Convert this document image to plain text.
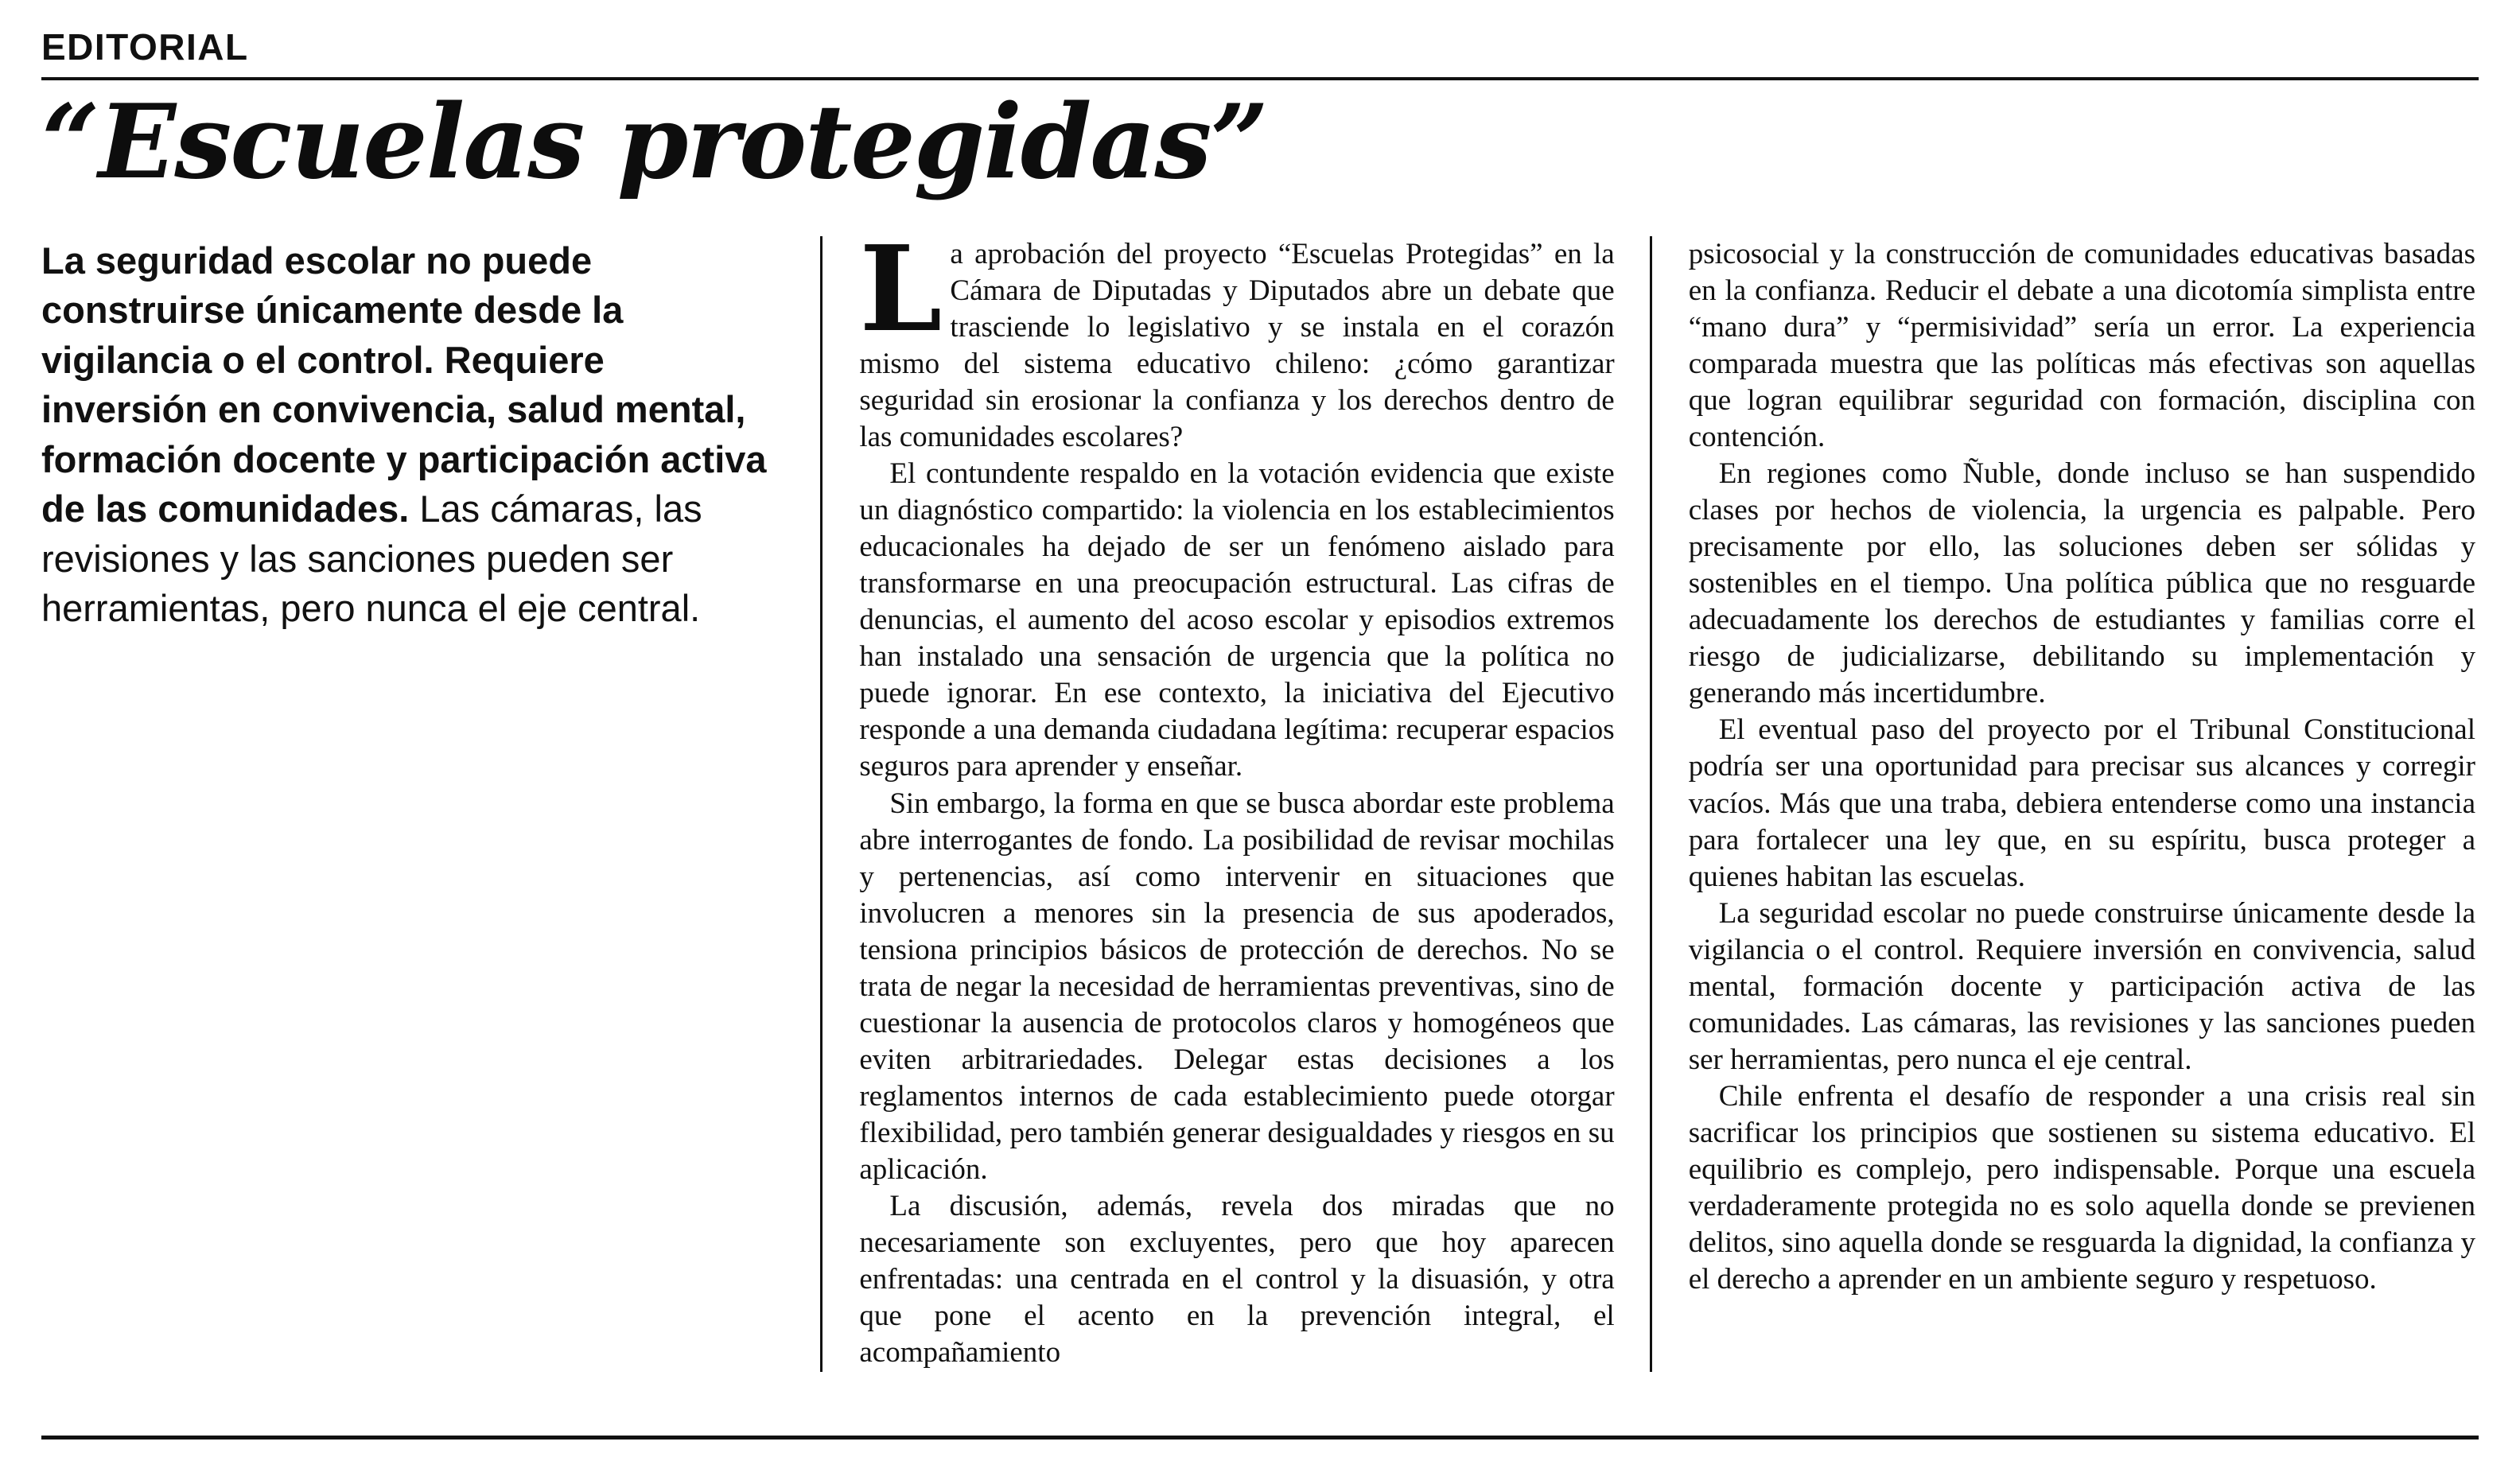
EDITORIAL
“Escuelas protegidas”

La seguridad escolar no puede construirse únicamente desde la vigilancia o el control. Requiere inversión en convivencia, salud mental, formación docente y participación activa de las comunidades. Las cámaras, las revisiones y las sanciones pueden ser herramientas, pero nunca el eje central.

La aprobación del proyecto “Escuelas Protegidas” en la Cámara de Diputadas y Diputados abre un debate que trasciende lo legislativo y se instala en el corazón mismo del sistema educativo chileno: ¿cómo garantizar seguridad sin erosionar la confianza y los derechos dentro de las comunidades escolares?

El contundente respaldo en la votación evidencia que existe un diagnóstico compartido: la violencia en los establecimientos educacionales ha dejado de ser un fenómeno aislado para transformarse en una preocupación estructural. Las cifras de denuncias, el aumento del acoso escolar y episodios extremos han instalado una sensación de urgencia que la política no puede ignorar. En ese contexto, la iniciativa del Ejecutivo responde a una demanda ciudadana legítima: recuperar espacios seguros para aprender y enseñar.

Sin embargo, la forma en que se busca abordar este problema abre interrogantes de fondo. La posibilidad de revisar mochilas y pertenencias, así como intervenir en situaciones que involucren a menores sin la presencia de sus apoderados, tensiona principios básicos de protección de derechos. No se trata de negar la necesidad de herramientas preventivas, sino de cuestionar la ausencia de protocolos claros y homogéneos que eviten arbitrariedades. Delegar estas decisiones a los reglamentos internos de cada establecimiento puede otorgar flexibilidad, pero también generar desigualdades y riesgos en su aplicación.

La discusión, además, revela dos miradas que no necesariamente son excluyentes, pero que hoy aparecen enfrentadas: una centrada en el control y la disuasión, y otra que pone el acento en la prevención integral, el acompañamiento

psicosocial y la construcción de comunidades educativas basadas en la confianza. Reducir el debate a una dicotomía simplista entre “mano dura” y “permisividad” sería un error. La experiencia comparada muestra que las políticas más efectivas son aquellas que logran equilibrar seguridad con formación, disciplina con contención.

En regiones como Ñuble, donde incluso se han suspendido clases por hechos de violencia, la urgencia es palpable. Pero precisamente por ello, las soluciones deben ser sólidas y sostenibles en el tiempo. Una política pública que no resguarde adecuadamente los derechos de estudiantes y familias corre el riesgo de judicializarse, debilitando su implementación y generando más incertidumbre.

El eventual paso del proyecto por el Tribunal Constitucional podría ser una oportunidad para precisar sus alcances y corregir vacíos. Más que una traba, debiera entenderse como una instancia para fortalecer una ley que, en su espíritu, busca proteger a quienes habitan las escuelas.

La seguridad escolar no puede construirse únicamente desde la vigilancia o el control. Requiere inversión en convivencia, salud mental, formación docente y participación activa de las comunidades. Las cámaras, las revisiones y las sanciones pueden ser herramientas, pero nunca el eje central.

Chile enfrenta el desafío de responder a una crisis real sin sacrificar los principios que sostienen su sistema educativo. El equilibrio es complejo, pero indispensable. Porque una escuela verdaderamente protegida no es solo aquella donde se previenen delitos, sino aquella donde se resguarda la dignidad, la confianza y el derecho a aprender en un ambiente seguro y respetuoso.
